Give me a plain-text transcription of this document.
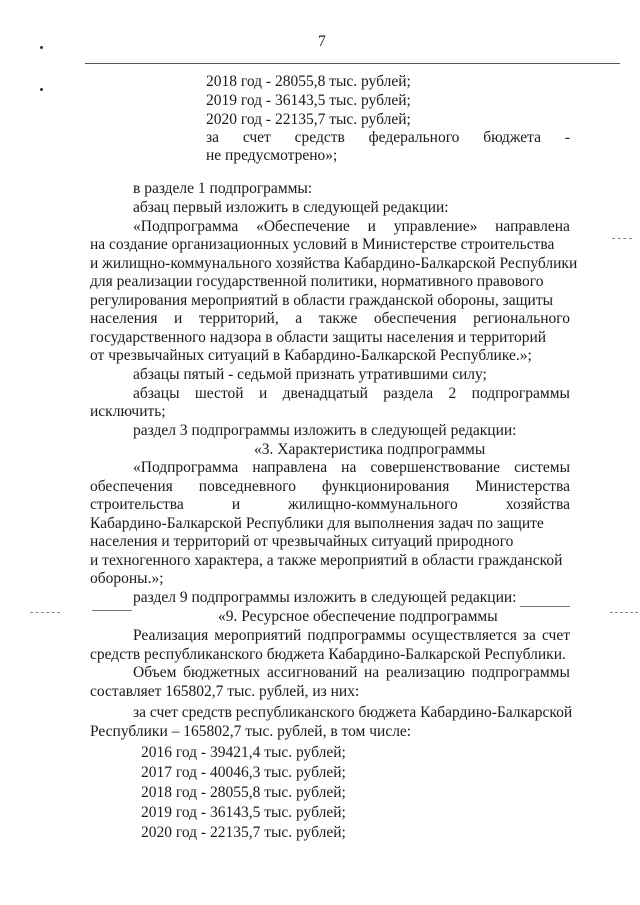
7
2018 год - 28055,8 тыс. рублей;
2019 год - 36143,5 тыс. рублей;
2020 год - 22135,7 тыс. рублей;
за счет средств федерального бюджета -
не предусмотрено»;
в разделе 1 подпрограммы:
абзац первый изложить в следующей редакции:
«Подпрограмма «Обеспечение и управление» направлена
на создание организационных условий в Министерстве строительства
и жилищно-коммунального хозяйства Кабардино-Балкарской Республики
для реализации государственной политики, нормативного правового
регулирования мероприятий в области гражданской обороны, защиты
населения и территорий, а также обеспечения регионального
государственного надзора в области защиты населения и территорий
от чрезвычайных ситуаций в Кабардино-Балкарской Республике.»;
абзацы пятый - седьмой признать утратившими силу;
абзацы шестой и двенадцатый раздела 2 подпрограммы
исключить;
раздел 3 подпрограммы изложить в следующей редакции:
«3. Характеристика подпрограммы
«Подпрограмма направлена на совершенствование системы
обеспечения повседневного функционирования Министерства
строительства	и	жилищно-коммунального	хозяйства
Кабардино-Балкарской Республики для выполнения задач по защите
населения и территорий от чрезвычайных ситуаций природного
и техногенного характера, а также мероприятий в области гражданской
обороны.»;
раздел 9 подпрограммы изложить в следующей редакции:
«9. Ресурсное обеспечение подпрограммы
Реализация мероприятий подпрограммы осуществляется за счет
средств республиканского бюджета Кабардино-Балкарской Республики.
Объем бюджетных ассигнований на реализацию подпрограммы
составляет 165802,7 тыс. рублей, из них:
за счет средств республиканского бюджета Кабардино-Балкарской
Республики – 165802,7 тыс. рублей, в том числе:
2016 год - 39421,4 тыс. рублей;
2017 год - 40046,3 тыс. рублей;
2018 год - 28055,8 тыс. рублей;
2019 год - 36143,5 тыс. рублей;
2020 год - 22135,7 тыс. рублей;
